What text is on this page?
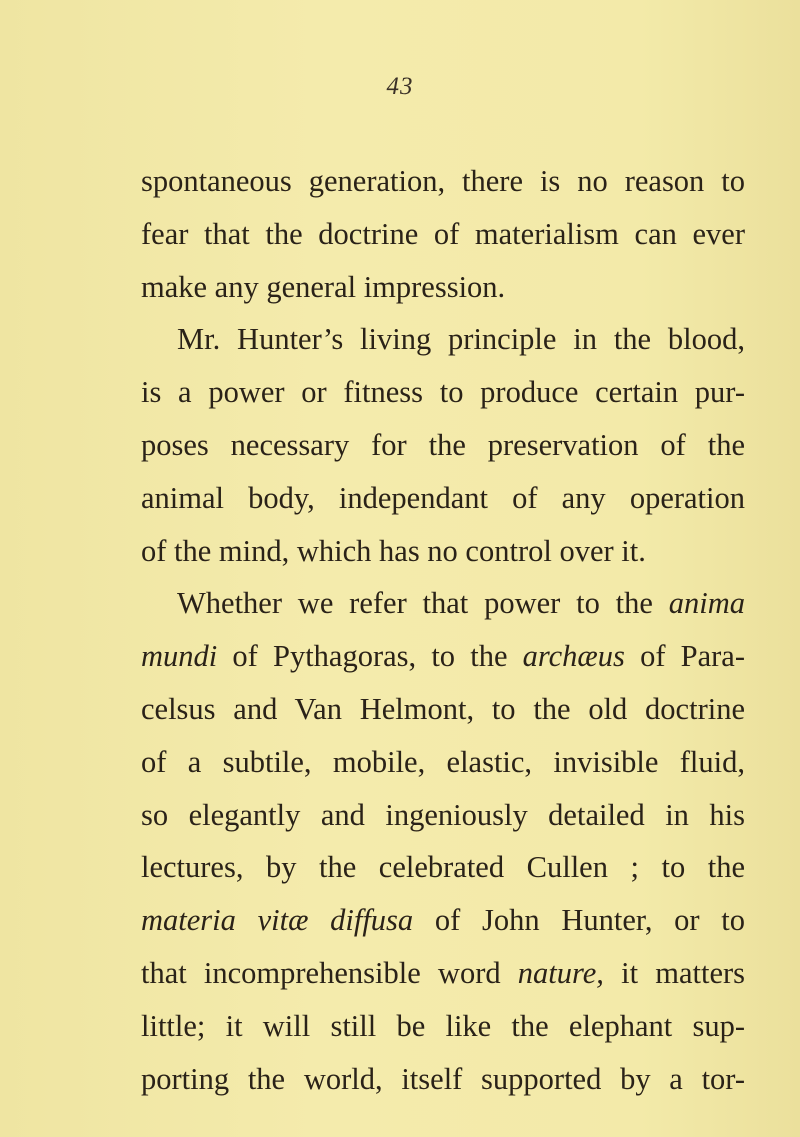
43
spontaneous generation, there is no reason to
fear that the doctrine of materialism can ever
make any general impression.
Mr. Hunter’s living principle in the blood,
is a power or fitness to produce certain pur-
poses necessary for the preservation of the
animal body, independant of any operation
of the mind, which has no control over it.
Whether we refer that power to the anima
mundi of Pythagoras, to the archæus of Para-
celsus and Van Helmont, to the old doctrine
of a subtile, mobile, elastic, invisible fluid,
so elegantly and ingeniously detailed in his
lectures, by the celebrated Cullen ; to the
materia vitæ diffusa of John Hunter, or to
that incomprehensible word nature, it matters
little; it will still be like the elephant sup-
porting the world, itself supported by a tor-
